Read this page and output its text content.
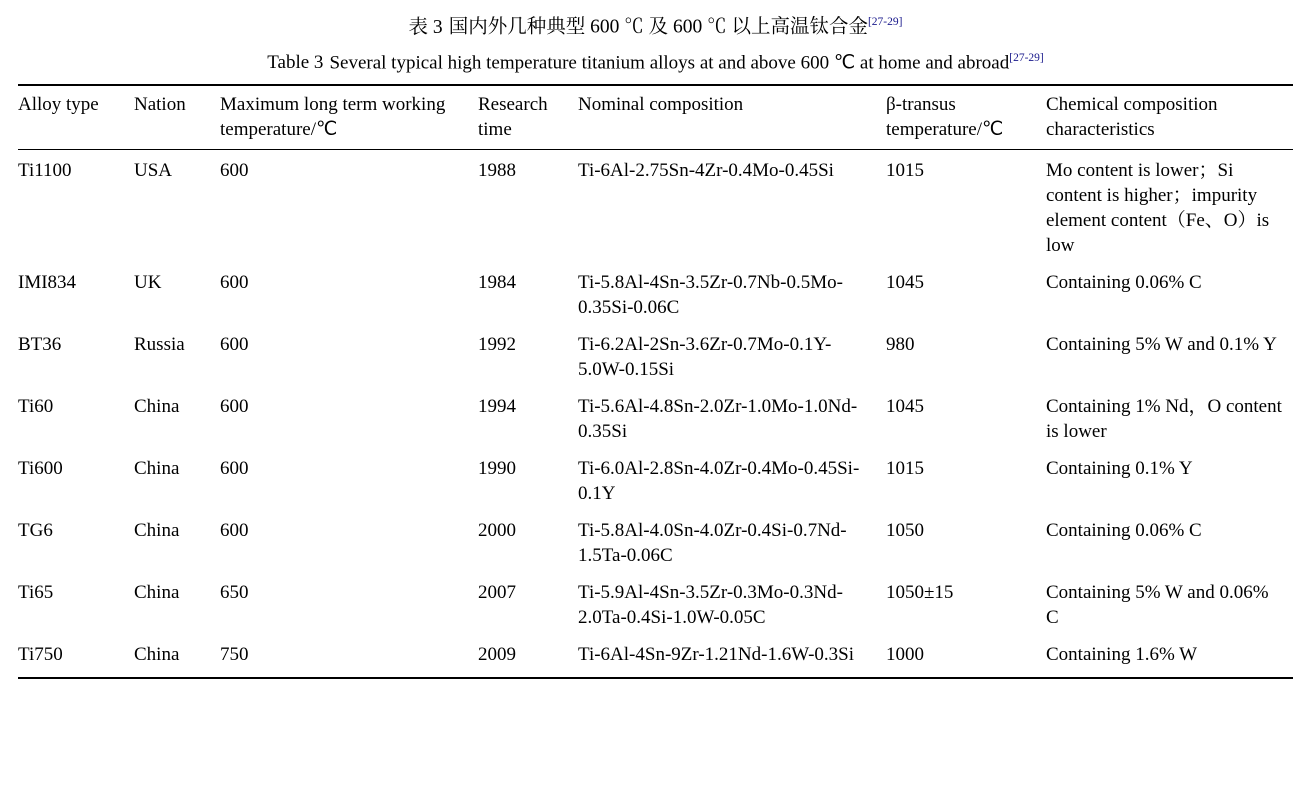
表 3 国内外几种典型 600 ℃ 及 600 ℃ 以上高温钛合金[27-29]
Table 3 Several typical high temperature titanium alloys at and above 600 ℃ at home and abroad[27-29]
Alloy type	Nation	Maximum long term working temperature/℃	Research time	Nominal composition	β-transus temperature/℃	Chemical composition characteristics
Ti1100	USA	600	1988	Ti-6Al-2.75Sn-4Zr-0.4Mo-0.45Si	1015	Mo content is lower；Si content is higher；impurity element content（Fe、O）is low
IMI834	UK	600	1984	Ti-5.8Al-4Sn-3.5Zr-0.7Nb-0.5Mo-0.35Si-0.06C	1045	Containing 0.06% C
BT36	Russia	600	1992	Ti-6.2Al-2Sn-3.6Zr-0.7Mo-0.1Y-5.0W-0.15Si	980	Containing 5% W and 0.1% Y
Ti60	China	600	1994	Ti-5.6Al-4.8Sn-2.0Zr-1.0Mo-1.0Nd-0.35Si	1045	Containing 1% Nd，O content is lower
Ti600	China	600	1990	Ti-6.0Al-2.8Sn-4.0Zr-0.4Mo-0.45Si-0.1Y	1015	Containing 0.1% Y
TG6	China	600	2000	Ti-5.8Al-4.0Sn-4.0Zr-0.4Si-0.7Nd-1.5Ta-0.06C	1050	Containing 0.06% C
Ti65	China	650	2007	Ti-5.9Al-4Sn-3.5Zr-0.3Mo-0.3Nd-2.0Ta-0.4Si-1.0W-0.05C	1050±15	Containing 5% W and 0.06% C
Ti750	China	750	2009	Ti-6Al-4Sn-9Zr-1.21Nd-1.6W-0.3Si	1000	Containing 1.6% W
